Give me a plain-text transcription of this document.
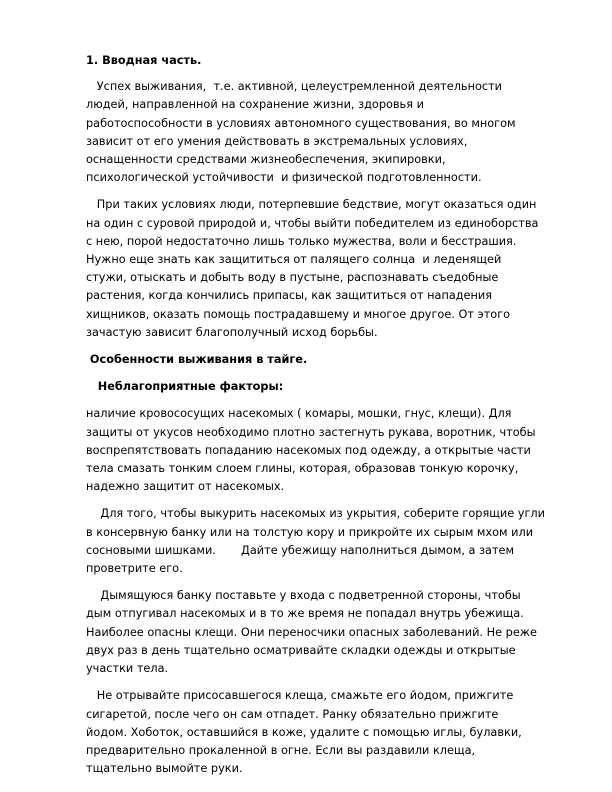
1. Вводная часть.
Успех выживания,  т.е. активной, целеустремленной деятельности
людей, направленной на сохранение жизни, здоровья и
работоспособности в условиях автономного существования, во многом
зависит от его умения действовать в экстремальных условиях,
оснащенности средствами жизнеобеспечения, экипировки,
психологической устойчивости  и физической подготовленности.
При таких условиях люди, потерпевшие бедствие, могут оказаться один
на один с суровой природой и, чтобы выйти победителем из единоборства
с нею, порой недостаточно лишь только мужества, воли и бесстрашия.
Нужно еще знать как защититься от палящего солнца  и леденящей
стужи, отыскать и добыть воду в пустыне, распознавать съедобные
растения, когда кончились припасы, как защититься от нападения
хищников, оказать помощь пострадавшему и многое другое. От этого
зачастую зависит благополучный исход борьбы.
Особенности выживания в тайге.
Неблагоприятные факторы:
наличие кровососущих насекомых ( комары, мошки, гнус, клещи). Для
защиты от укусов необходимо плотно застегнуть рукава, воротник, чтобы
воспрепятствовать попаданию насекомых под одежду, а открытые части
тела смазать тонким слоем глины, которая, образовав тонкую корочку,
надежно защитит от насекомых.
Для того, чтобы выкурить насекомых из укрытия, соберите горящие угли
в консервную банку или на толстую кору и прикройте их сырым мхом или
сосновыми шишками.       Дайте убежищу наполниться дымом, а затем
проветрите его.
Дымящуюся банку поставьте у входа с подветренной стороны, чтобы
дым отпугивал насекомых и в то же время не попадал внутрь убежища.
Наиболее опасны клещи. Они переносчики опасных заболеваний. Не реже
двух раз в день тщательно осматривайте складки одежды и открытые
участки тела.
Не отрывайте присосавшегося клеща, смажьте его йодом, прижгите
сигаретой, после чего он сам отпадет. Ранку обязательно прижгите
йодом. Хоботок, оставшийся в коже, удалите с помощью иглы, булавки,
предварительно прокаленной в огне. Если вы раздавили клеща,
тщательно вымойте руки.
